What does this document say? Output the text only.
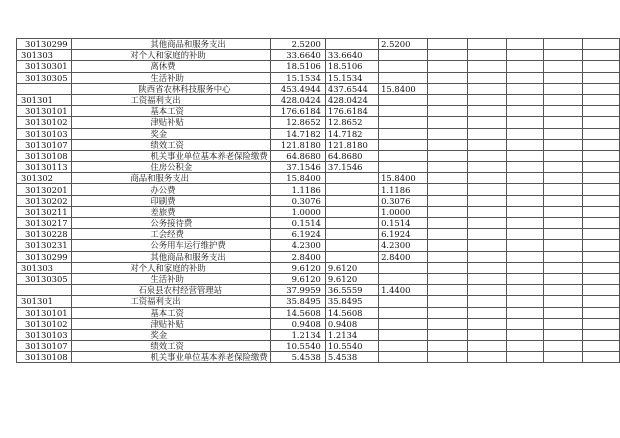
30130299	其他商品和服务支出	2.5200		2.5200					
301303	对个人和家庭的补助	33.6640	33.6640						
30130301	离休费	18.5106	18.5106						
30130305	生活补助	15.1534	15.1534						
	陕西省农林科技服务中心	453.4944	437.6544	15.8400					
301301	工资福利支出	428.0424	428.0424						
30130101	基本工资	176.6184	176.6184						
30130102	津贴补贴	12.8652	12.8652						
30130103	奖金	14.7182	14.7182						
30130107	绩效工资	121.8180	121.8180						
30130108	机关事业单位基本养老保险缴费	64.8680	64.8680						
30130113	住房公积金	37.1546	37.1546						
301302	商品和服务支出	15.8400		15.8400					
30130201	办公费	1.1186		1.1186					
30130202	印刷费	0.3076		0.3076					
30130211	差旅费	1.0000		1.0000					
30130217	公务接待费	0.1514		0.1514					
30130228	工会经费	6.1924		6.1924					
30130231	公务用车运行维护费	4.2300		4.2300					
30130299	其他商品和服务支出	2.8400		2.8400					
301303	对个人和家庭的补助	9.6120	9.6120						
30130305	生活补助	9.6120	9.6120						
	石泉县农村经营管理站	37.9959	36.5559	1.4400					
301301	工资福利支出	35.8495	35.8495						
30130101	基本工资	14.5608	14.5608						
30130102	津贴补贴	0.9408	0.9408						
30130103	奖金	1.2134	1.2134						
30130107	绩效工资	10.5540	10.5540						
30130108	机关事业单位基本养老保险缴费	5.4538	5.4538						
